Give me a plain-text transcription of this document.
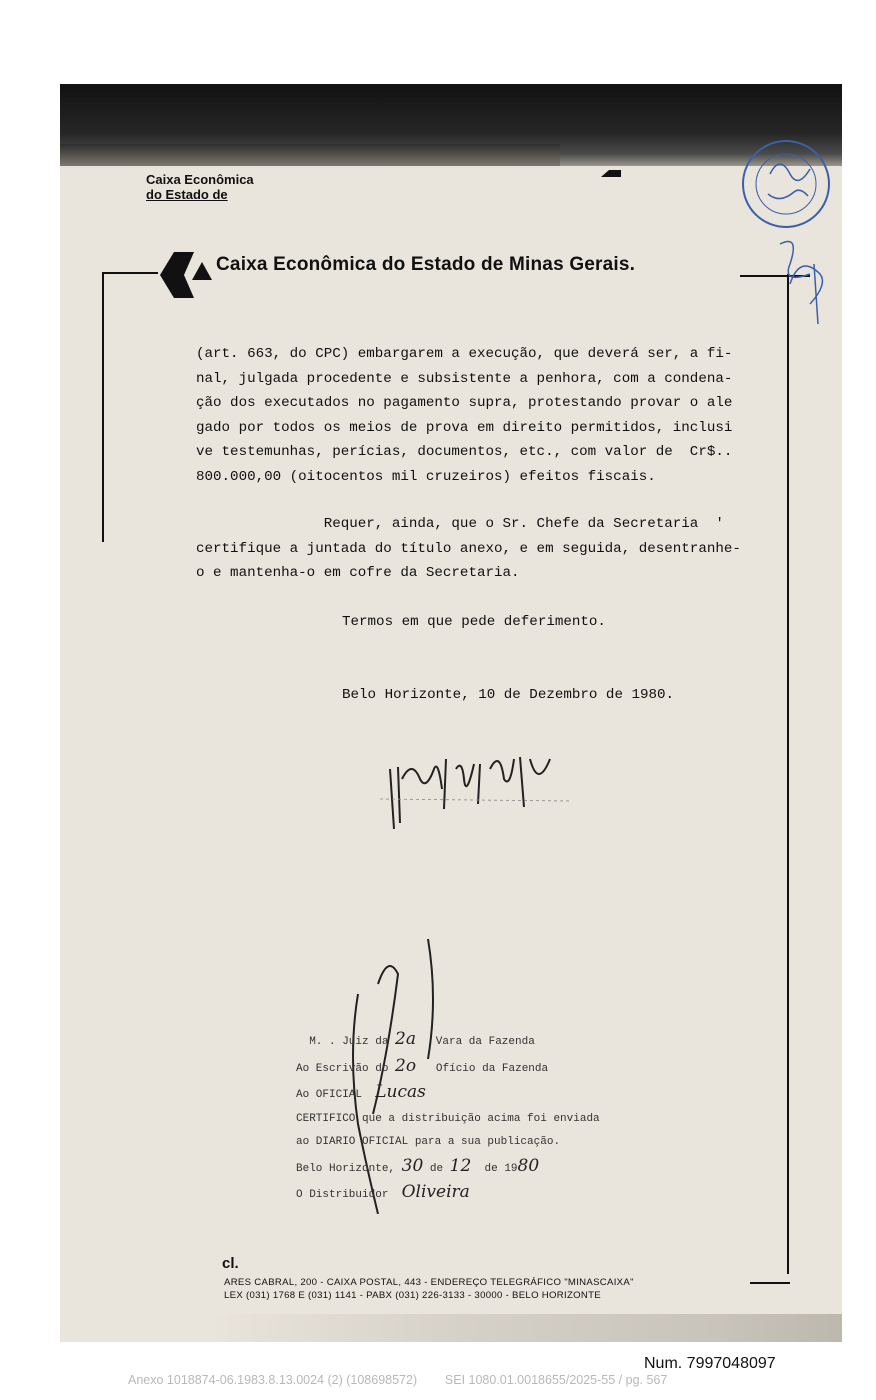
Caixa Econômica
do Estado de
Caixa Econômica do Estado de Minas Gerais.

(art. 663, do CPC) embargarem a execução, que deverá ser, a fi-

nal, julgada procedente e subsistente a penhora, com a condena-

ção dos executados no pagamento supra, protestando provar o ale

gado por todos os meios de prova em direito permitidos, inclusi

ve testemunhas, perícias, documentos, etc., com valor de  Cr$..

800.000,00 (oitocentos mil cruzeiros) efeitos fiscais.

Requer, ainda, que o Sr. Chefe da Secretaria  '

certifique a juntada do título anexo, e em seguida, desentranhe-

o e mantenha-o em cofre da Secretaria.

Termos em que pede deferimento.
Belo Horizonte, 10 de Dezembro de 1980.
M. . Juiz da 2a   Vara da Fazenda
Ao Escrivão do 2o   Ofício da Fazenda
Ao OFICIAL  Lucas
CERTIFICO que a distribuição acima foi enviada
ao DIARIO OFICIAL para a sua publicação.
Belo Horizonte, 30 de 12  de 1980
O Distribuidor  Oliveira
cl.
ARES CABRAL, 200 - CAIXA POSTAL, 443 - ENDEREÇO TELEGRÁFICO "MINASCAIXA"
LEX (031) 1768 E (031) 1141 - PABX (031) 226-3133 - 30000 - BELO HORIZONTE
Num. 7997048097
Anexo 1018874-06.1983.8.13.0024 (2) (108698572)        SEI 1080.01.0018655/2025-55 / pg. 567
